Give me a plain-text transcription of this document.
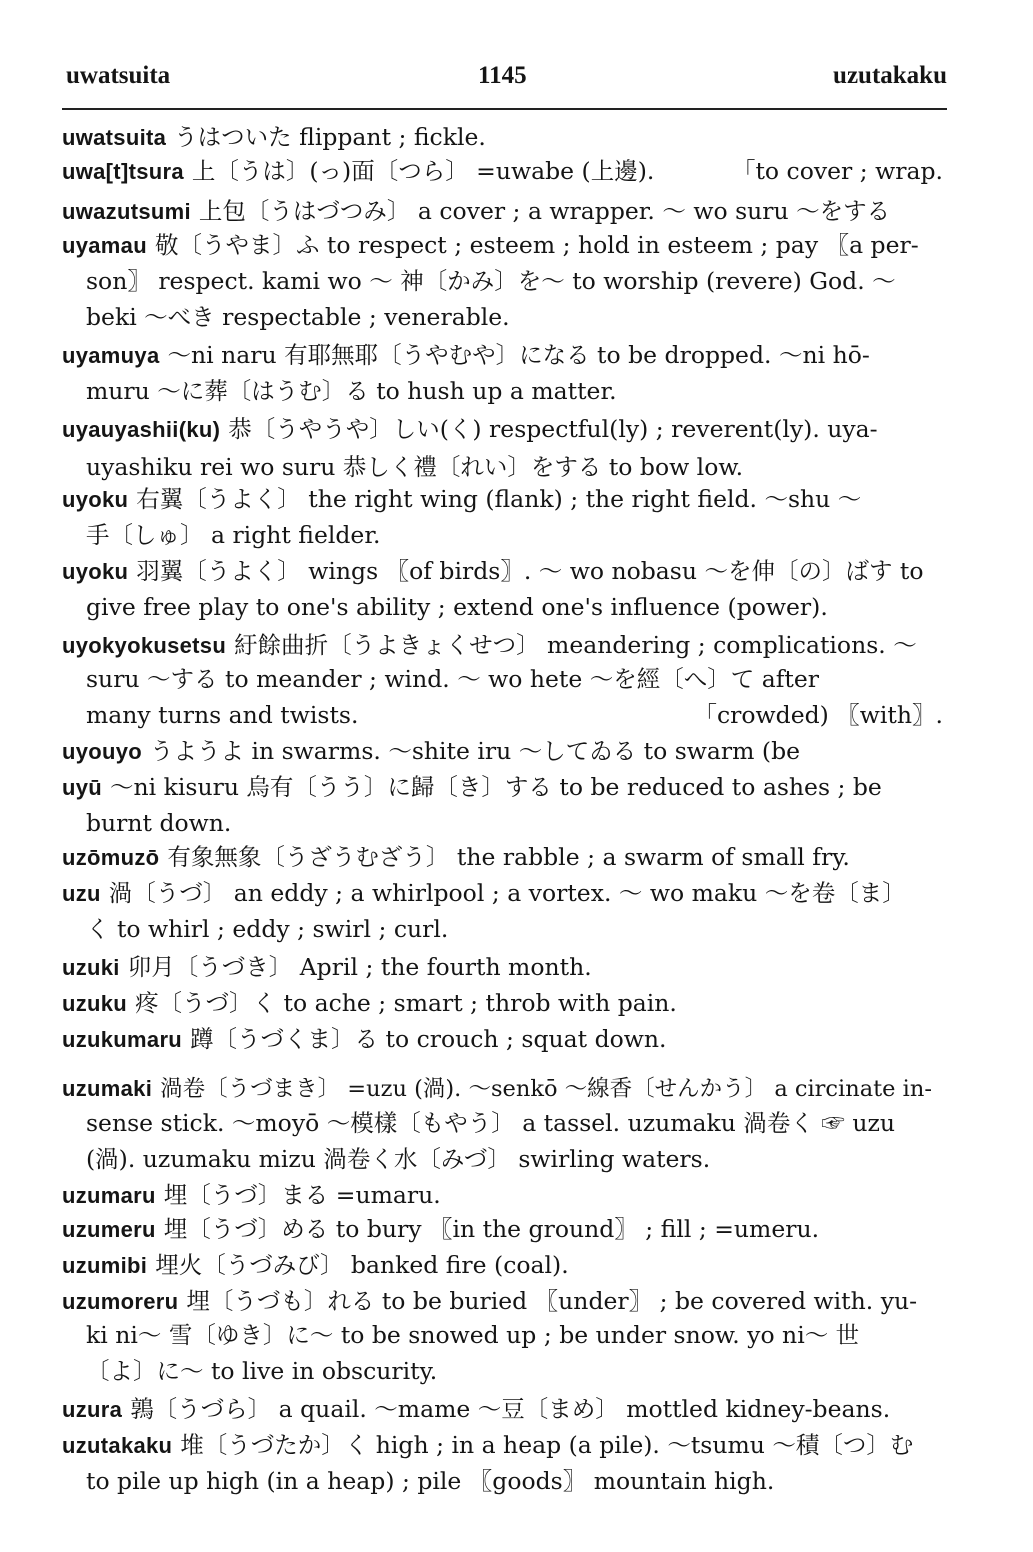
uwatsuita	1145	uzutakaku
uwatsuita うはついた flippant ; fickle.
uwa[t]tsura 上〔うは〕(っ)面〔つら〕 =uwabe (上邊).	「to cover ; wrap.
uwazutsumi 上包〔うはづつみ〕 a cover ; a wrapper. ～ wo suru ～をする
uyamau 敬〔うやま〕ふ to respect ; esteem ; hold in esteem ; pay 〖a per-
son〗 respect. kami wo ～ 神〔かみ〕を～ to worship (revere) God. ～
beki ～べき respectable ; venerable.
uyamuya ～ni naru 有耶無耶〔うやむや〕になる to be dropped. ～ni hō-
muru ～に葬〔はうむ〕る to hush up a matter.
uyauyashii(ku) 恭〔うやうや〕しい(く) respectful(ly) ; reverent(ly). uya-
uyashiku rei wo suru 恭しく禮〔れい〕をする to bow low.
uyoku 右翼〔うよく〕 the right wing (flank) ; the right field. ～shu ～
手〔しゅ〕 a right fielder.
uyoku 羽翼〔うよく〕 wings 〖of birds〗. ～ wo nobasu ～を伸〔の〕ばす to
give free play to one's ability ; extend one's influence (power).
uyokyokusetsu 紆餘曲折〔うよきょくせつ〕 meandering ; complications. ～
suru ～する to meander ; wind. ～ wo hete ～を經〔へ〕て after
many turns and twists.	「crowded) 〖with〗.
uyouyo うようよ in swarms. ～shite iru ～してゐる to swarm (be
uyū ～ni kisuru 烏有〔うう〕に歸〔き〕する to be reduced to ashes ; be
burnt down.
uzōmuzō 有象無象〔うざうむざう〕 the rabble ; a swarm of small fry.
uzu 渦〔うづ〕 an eddy ; a whirlpool ; a vortex. ～ wo maku ～を卷〔ま〕
く to whirl ; eddy ; swirl ; curl.
uzuki 卯月〔うづき〕 April ; the fourth month.
uzuku 疼〔うづ〕く to ache ; smart ; throb with pain.
uzukumaru 蹲〔うづくま〕る to crouch ; squat down.
uzumaki 渦卷〔うづまき〕 =uzu (渦). ～senkō ～線香〔せんかう〕 a circinate in-
sense stick. ～moyō ～模樣〔もやう〕 a tassel. uzumaku 渦卷く ☞ uzu
(渦). uzumaku mizu 渦卷く水〔みづ〕 swirling waters.
uzumaru 埋〔うづ〕まる =umaru.
uzumeru 埋〔うづ〕める to bury 〖in the ground〗 ; fill ; =umeru.
uzumibi 埋火〔うづみび〕 banked fire (coal).
uzumoreru 埋〔うづも〕れる to be buried 〖under〗 ; be covered with. yu-
ki ni～ 雪〔ゆき〕に～ to be snowed up ; be under snow. yo ni～ 世
〔よ〕に～ to live in obscurity.
uzura 鶉〔うづら〕 a quail. ～mame ～豆〔まめ〕 mottled kidney-beans.
uzutakaku 堆〔うづたか〕く high ; in a heap (a pile). ～tsumu ～積〔つ〕む
to pile up high (in a heap) ; pile 〖goods〗 mountain high.
